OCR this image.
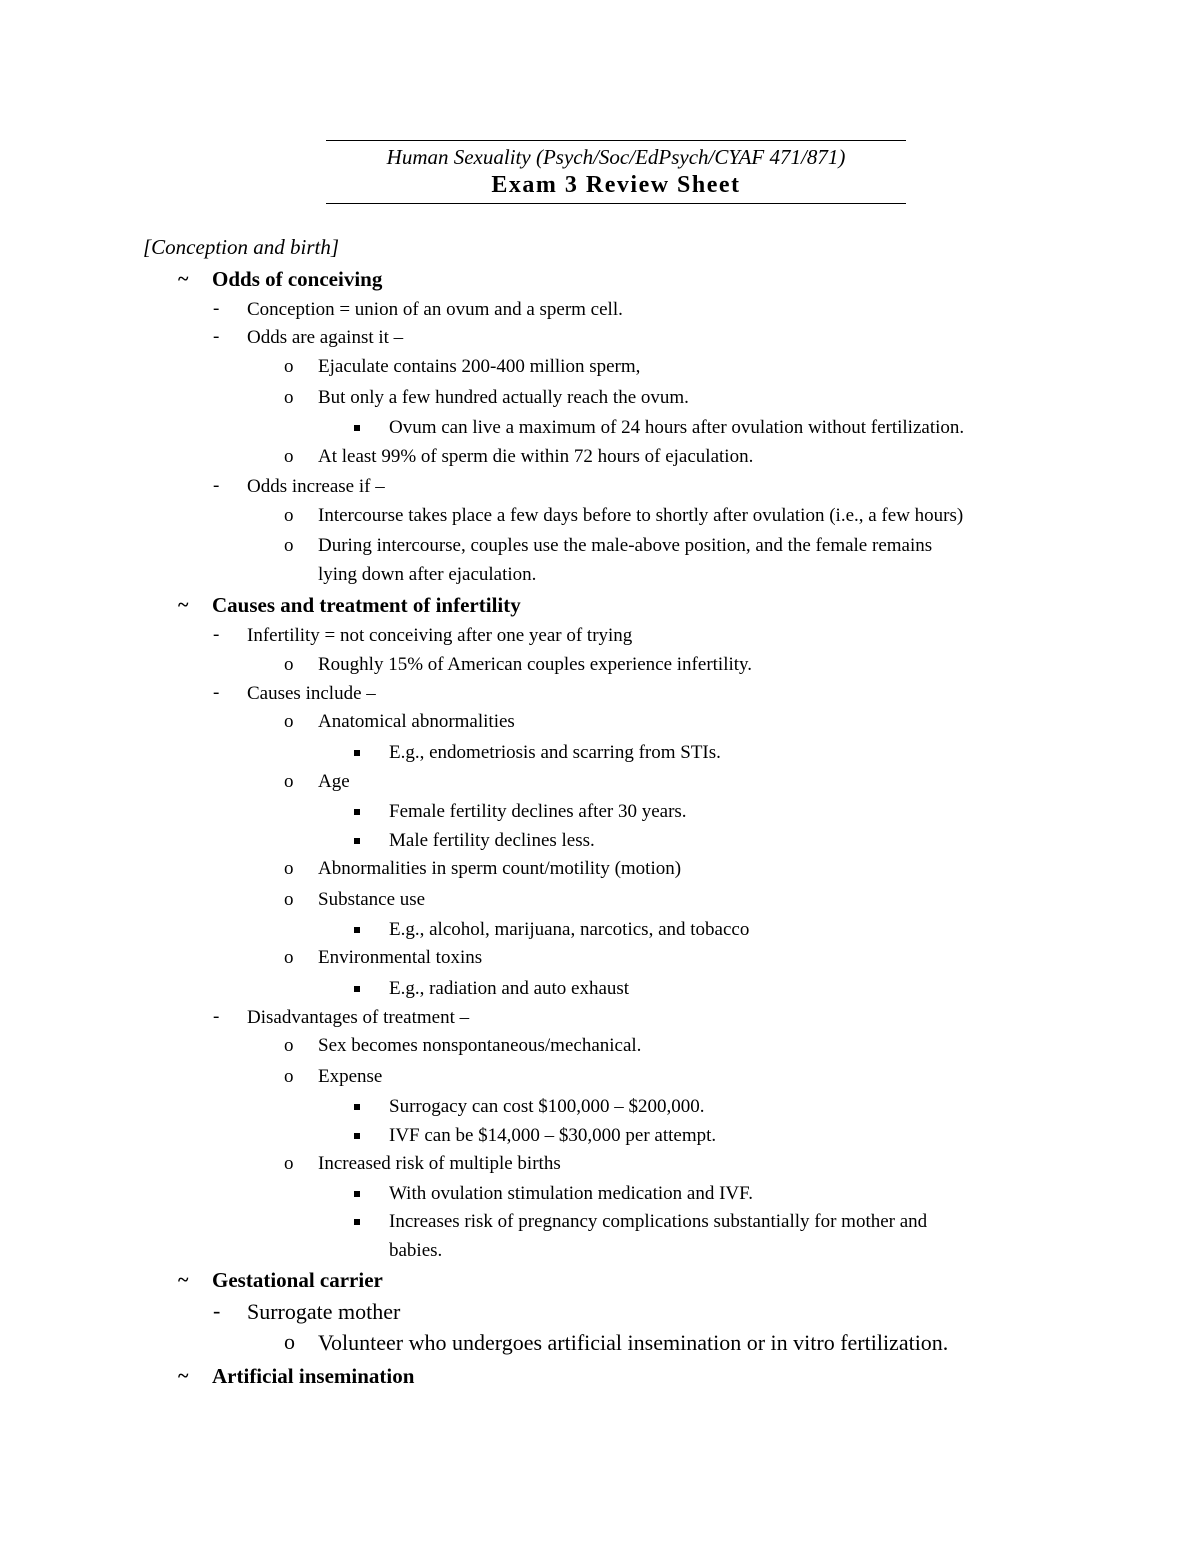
Human Sexuality (Psych/Soc/EdPsych/CYAF 471/871)
Exam 3 Review Sheet
[Conception and birth]
~ Odds of conceiving
- Conception = union of an ovum and a sperm cell.
- Odds are against it –
o Ejaculate contains 200-400 million sperm,
o But only a few hundred actually reach the ovum.
Ovum can live a maximum of 24 hours after ovulation without fertilization.
o At least 99% of sperm die within 72 hours of ejaculation.
- Odds increase if –
o Intercourse takes place a few days before to shortly after ovulation (i.e., a few hours)
o During intercourse, couples use the male-above position, and the female remains
lying down after ejaculation.
~ Causes and treatment of infertility
- Infertility = not conceiving after one year of trying
o Roughly 15% of American couples experience infertility.
- Causes include –
o Anatomical abnormalities
E.g., endometriosis and scarring from STIs.
o Age
Female fertility declines after 30 years.
Male fertility declines less.
o Abnormalities in sperm count/motility (motion)
o Substance use
E.g., alcohol, marijuana, narcotics, and tobacco
o Environmental toxins
E.g., radiation and auto exhaust
- Disadvantages of treatment –
o Sex becomes nonspontaneous/mechanical.
o Expense
Surrogacy can cost $100,000 – $200,000.
IVF can be $14,000 – $30,000 per attempt.
o Increased risk of multiple births
With ovulation stimulation medication and IVF.
Increases risk of pregnancy complications substantially for mother and
babies.
~ Gestational carrier
- Surrogate mother
o Volunteer who undergoes artificial insemination or in vitro fertilization.
~ Artificial insemination
